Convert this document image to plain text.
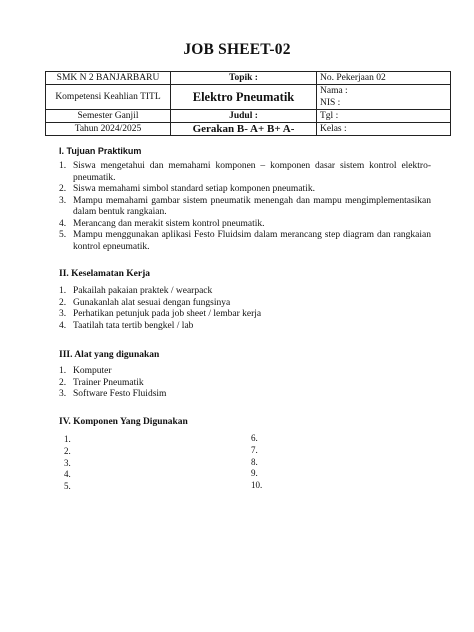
JOB SHEET-02
SMK N 2 BANJARBARU	Topik :	No. Pekerjaan 02
Kompetensi Keahlian TITL	Elektro Pneumatik	Nama :
NIS :

Semester Ganjil	Judul :	Tgl :
Tahun 2024/2025	Gerakan B- A+ B+ A-	Kelas :
I. Tujuan Praktikum
1. Siswa mengetahui dan memahami komponen – komponen dasar sistem kontrol elektro-pneumatik.
2. Siswa memahami simbol standard setiap komponen pneumatik.
3. Mampu memahami gambar sistem pneumatik menengah dan mampu mengimplementasikan dalam bentuk rangkaian.
4. Merancang dan merakit sistem kontrol pneumatik.
5. Mampu menggunakan aplikasi Festo Fluidsim dalam merancang step diagram dan rangkaian kontrol epneumatik.
II. Keselamatan Kerja
1. Pakailah pakaian praktek / wearpack
2. Gunakanlah alat sesuai dengan fungsinya
3. Perhatikan petunjuk pada job sheet / lembar kerja
4. Taatilah tata tertib bengkel / lab
III. Alat yang digunakan
1. Komputer
2. Trainer Pneumatik
3. Software Festo Fluidsim
IV. Komponen Yang Digunakan
1.
2.
3.
4.
5.
6.
7.
8.
9.
10.
